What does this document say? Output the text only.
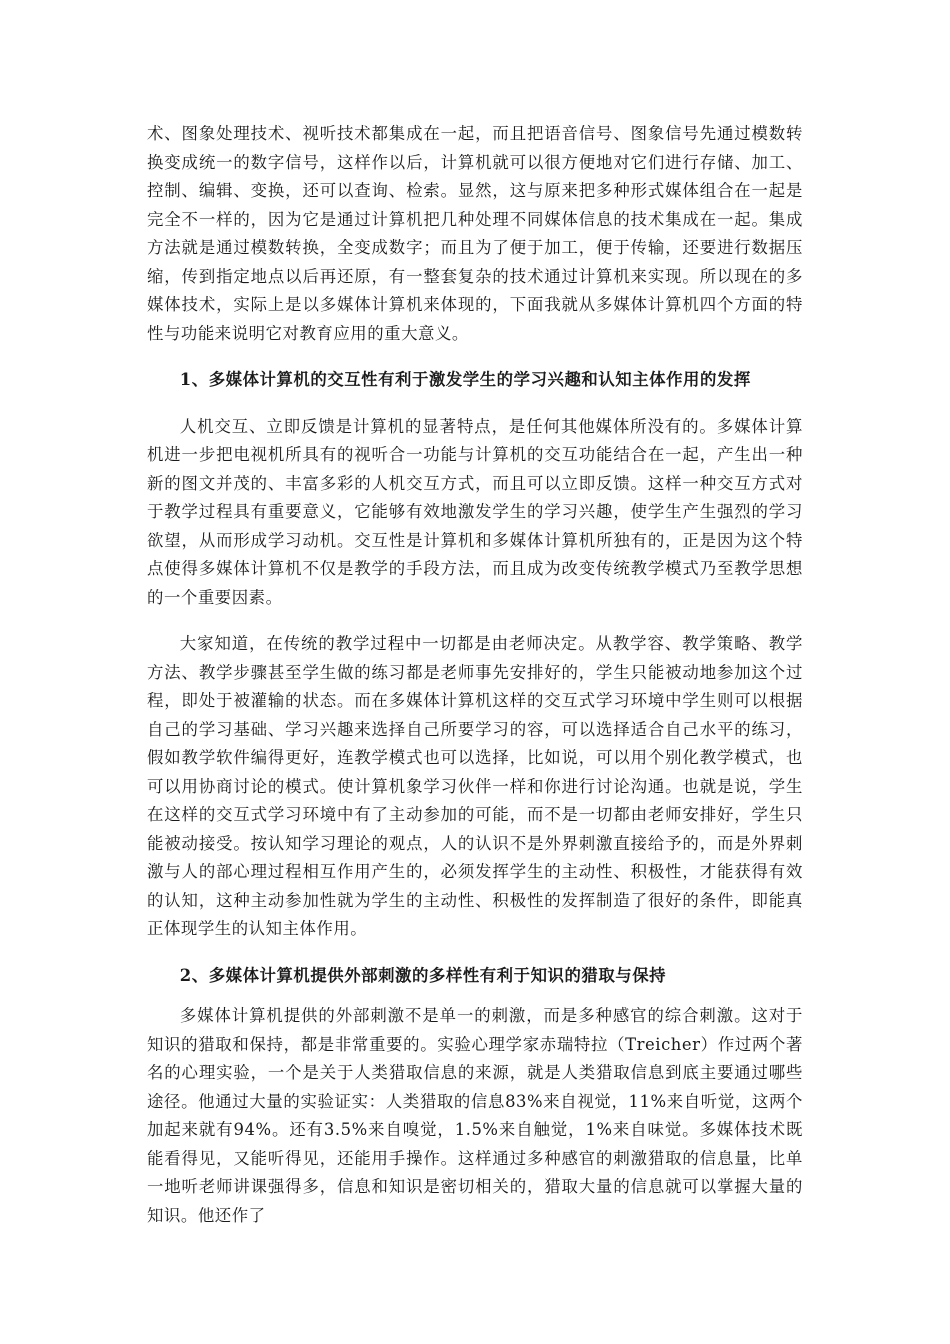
术、图象处理技术、视听技术都集成在一起，而且把语音信号、图象信号先通过模数转换变成统一的数字信号，这样作以后，计算机就可以很方便地对它们进行存储、加工、控制、编辑、变换，还可以查询、检索。显然，这与原来把多种形式媒体组合在一起是完全不一样的，因为它是通过计算机把几种处理不同媒体信息的技术集成在一起。集成方法就是通过模数转换，全变成数字；而且为了便于加工，便于传输，还要进行数据压缩，传到指定地点以后再还原，有一整套复杂的技术通过计算机来实现。所以现在的多媒体技术，实际上是以多媒体计算机来体现的，下面我就从多媒体计算机四个方面的特性与功能来说明它对教育应用的重大意义。

1、多媒体计算机的交互性有利于激发学生的学习兴趣和认知主体作用的发挥

人机交互、立即反馈是计算机的显著特点，是任何其他媒体所没有的。多媒体计算机进一步把电视机所具有的视听合一功能与计算机的交互功能结合在一起，产生出一种新的图文并茂的、丰富多彩的人机交互方式，而且可以立即反馈。这样一种交互方式对于教学过程具有重要意义，它能够有效地激发学生的学习兴趣，使学生产生强烈的学习欲望，从而形成学习动机。交互性是计算机和多媒体计算机所独有的，正是因为这个特点使得多媒体计算机不仅是教学的手段方法，而且成为改变传统教学模式乃至教学思想的一个重要因素。

大家知道，在传统的教学过程中一切都是由老师决定。从教学容、教学策略、教学方法、教学步骤甚至学生做的练习都是老师事先安排好的，学生只能被动地参加这个过程，即处于被灌输的状态。而在多媒体计算机这样的交互式学习环境中学生则可以根据自己的学习基础、学习兴趣来选择自己所要学习的容，可以选择适合自己水平的练习，假如教学软件编得更好，连教学模式也可以选择，比如说，可以用个别化教学模式，也可以用协商讨论的模式。使计算机象学习伙伴一样和你进行讨论沟通。也就是说，学生在这样的交互式学习环境中有了主动参加的可能，而不是一切都由老师安排好，学生只能被动接受。按认知学习理论的观点，人的认识不是外界刺激直接给予的，而是外界刺激与人的部心理过程相互作用产生的，必须发挥学生的主动性、积极性，才能获得有效的认知，这种主动参加性就为学生的主动性、积极性的发挥制造了很好的条件，即能真正体现学生的认知主体作用。

2、多媒体计算机提供外部刺激的多样性有利于知识的猎取与保持

多媒体计算机提供的外部刺激不是单一的刺激，而是多种感官的综合刺激。这对于知识的猎取和保持，都是非常重要的。实验心理学家赤瑞特拉（Treicher）作过两个著名的心理实验，一个是关于人类猎取信息的来源，就是人类猎取信息到底主要通过哪些途径。他通过大量的实验证实：人类猎取的信息83%来自视觉，11%来自听觉，这两个加起来就有94%。还有3.5%来自嗅觉，1.5%来自触觉，1%来自味觉。多媒体技术既能看得见，又能听得见，还能用手操作。这样通过多种感官的刺激猎取的信息量，比单一地听老师讲课强得多，信息和知识是密切相关的，猎取大量的信息就可以掌握大量的知识。他还作了
